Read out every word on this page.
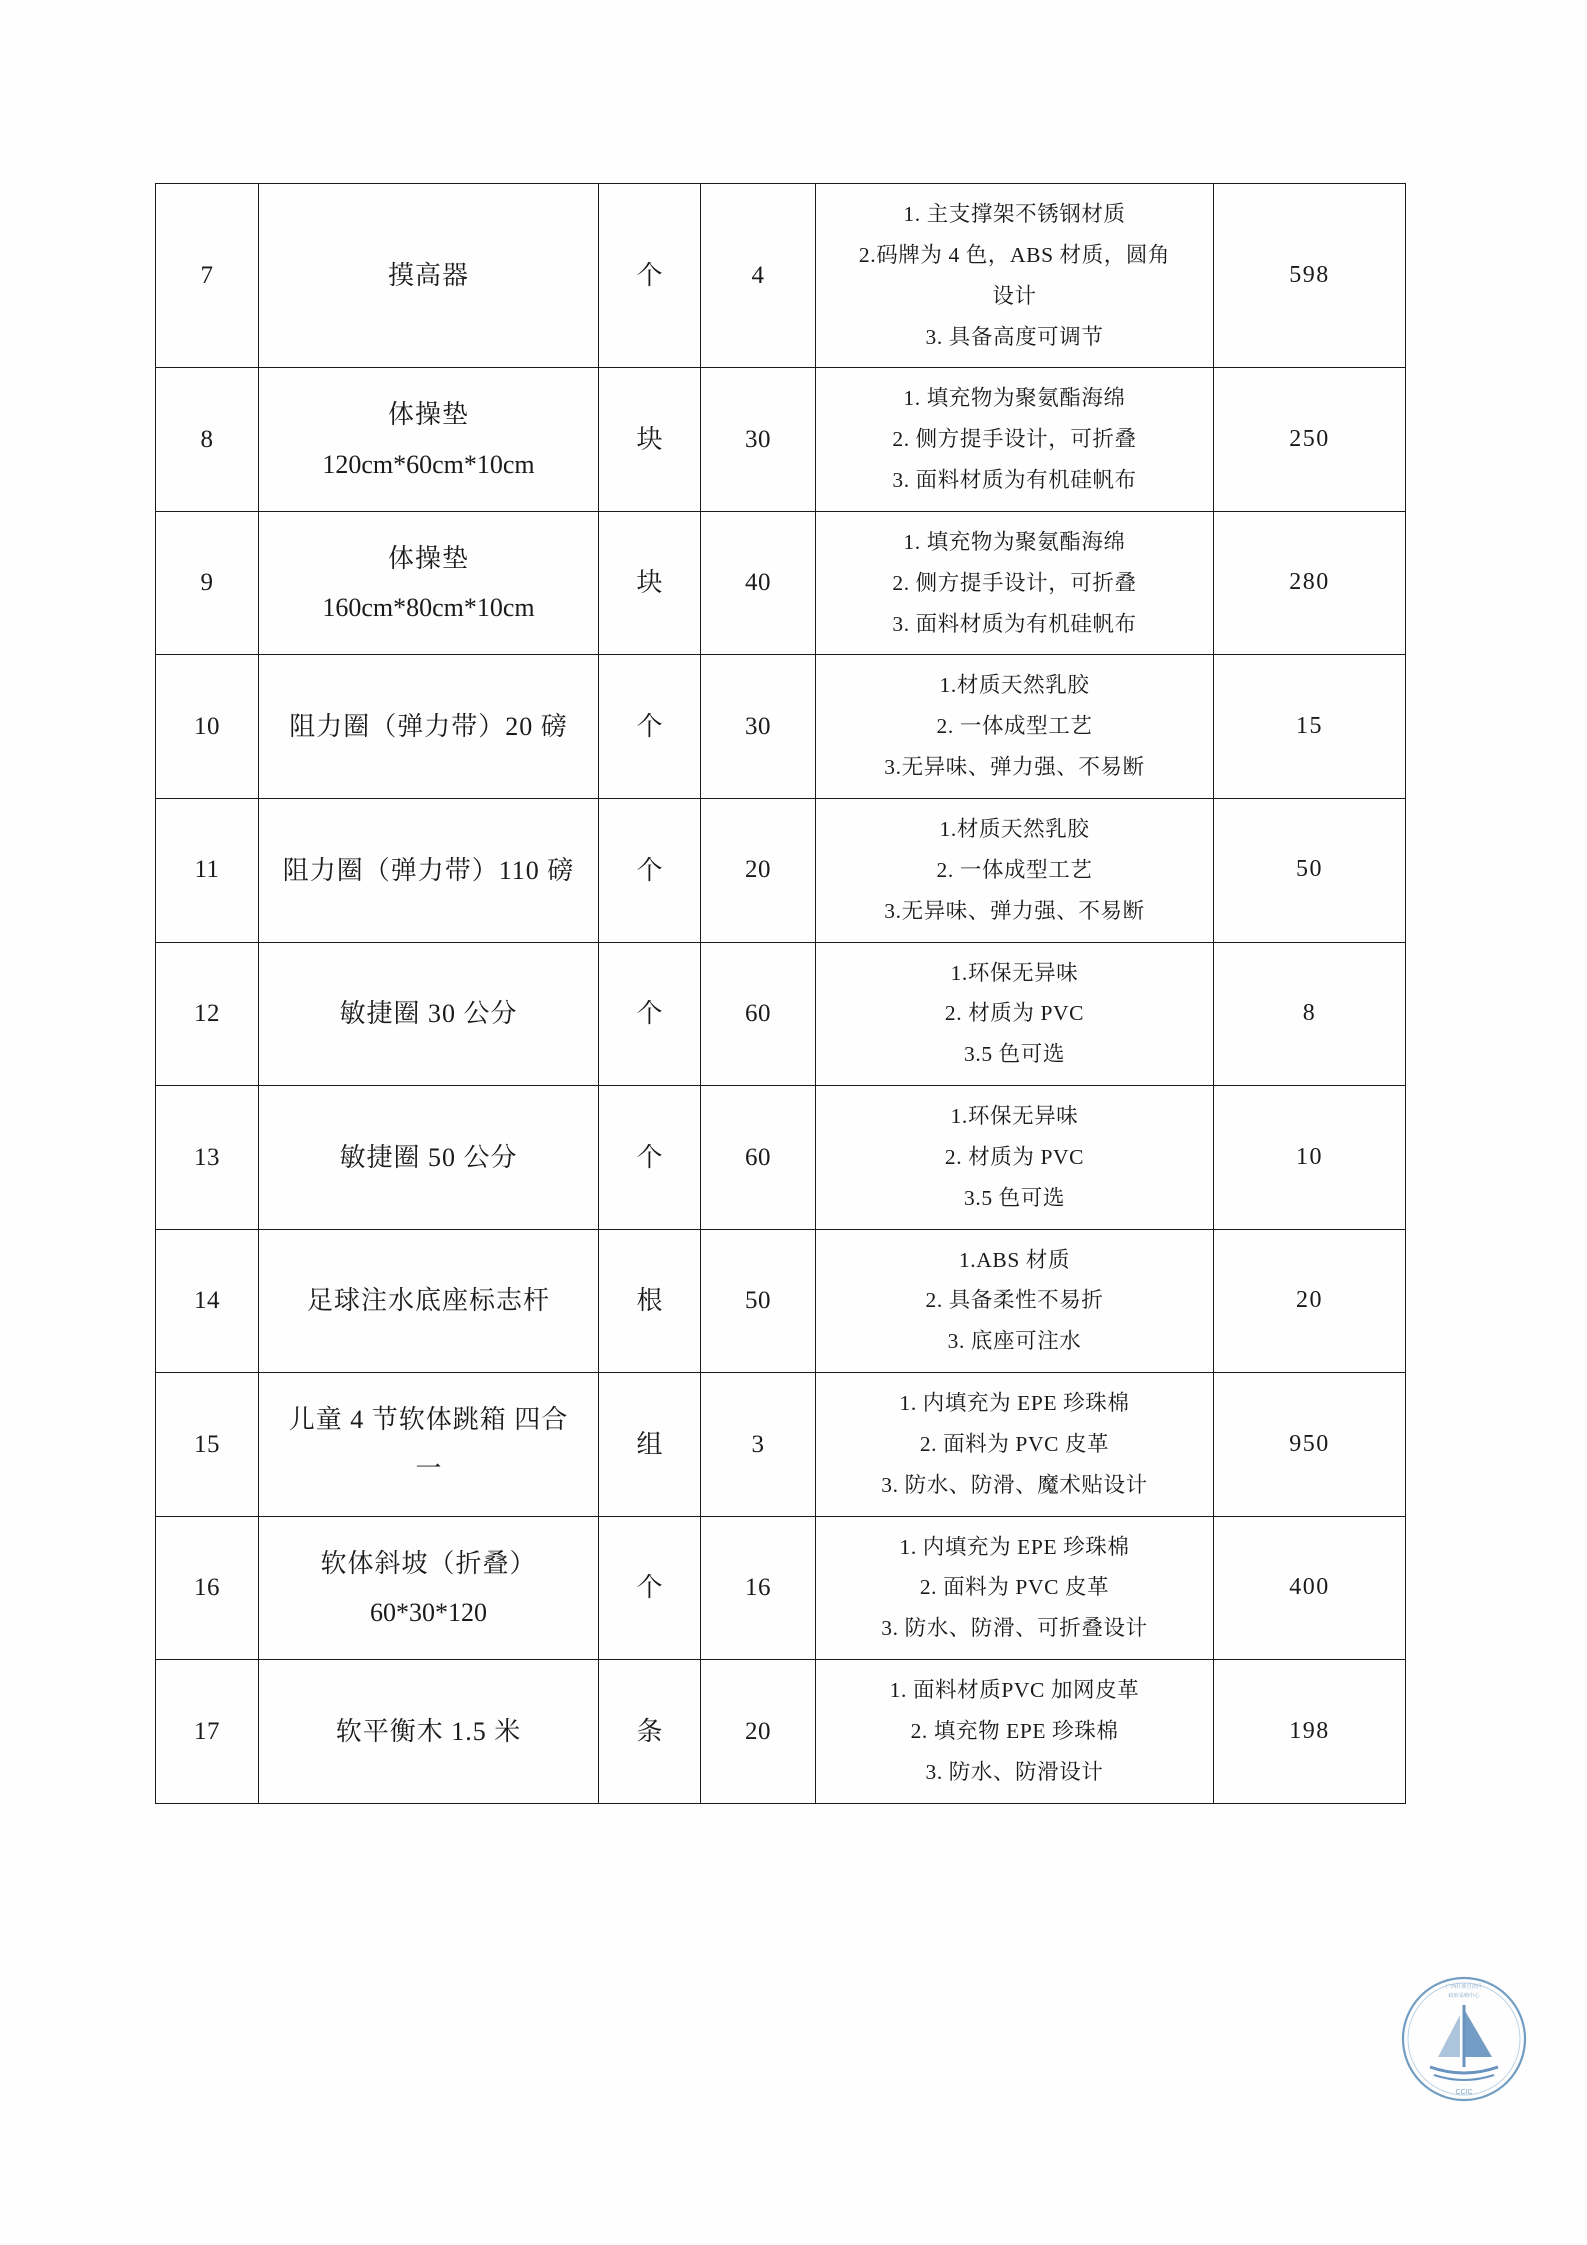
7	摸高器	个	4	1. 主支撑架不锈钢材质
2.码牌为 4 色，ABS 材质，圆角
设计
3. 具备高度可调节	598
8	体操垫
120cm*60cm*10cm	块	30	1. 填充物为聚氨酯海绵
2. 侧方提手设计，可折叠
3. 面料材质为有机硅帆布	250
9	体操垫
160cm*80cm*10cm	块	40	1. 填充物为聚氨酯海绵
2. 侧方提手设计，可折叠
3. 面料材质为有机硅帆布	280
10	阻力圈（弹力带）20 磅	个	30	1.材质天然乳胶
2. 一体成型工艺
3.无异味、弹力强、不易断	15
11	阻力圈（弹力带）110 磅	个	20	1.材质天然乳胶
2. 一体成型工艺
3.无异味、弹力强、不易断	50
12	敏捷圈 30 公分	个	60	1.环保无异味
2. 材质为 PVC
3.5 色可选	8
13	敏捷圈 50 公分	个	60	1.环保无异味
2. 材质为 PVC
3.5 色可选	10
14	足球注水底座标志杆	根	50	1.ABS 材质
2. 具备柔性不易折
3. 底座可注水	20
15	儿童 4 节软体跳箱 四合
一	组	3	1. 内填充为 EPE 珍珠棉
2. 面料为 PVC 皮革
3. 防水、防滑、魔术贴设计	950
16	软体斜坡（折叠）
60*30*120	个	16	1. 内填充为 EPE 珍珠棉
2. 面料为 PVC 皮革
3. 防水、防滑、可折叠设计	400
17	软平衡木 1.5 米	条	20	1. 面料材质PVC 加网皮革
2. 填充物 EPE 珍珠棉
3. 防水、防滑设计	198
CCIC
广西壮族自治区
政府采购中心
